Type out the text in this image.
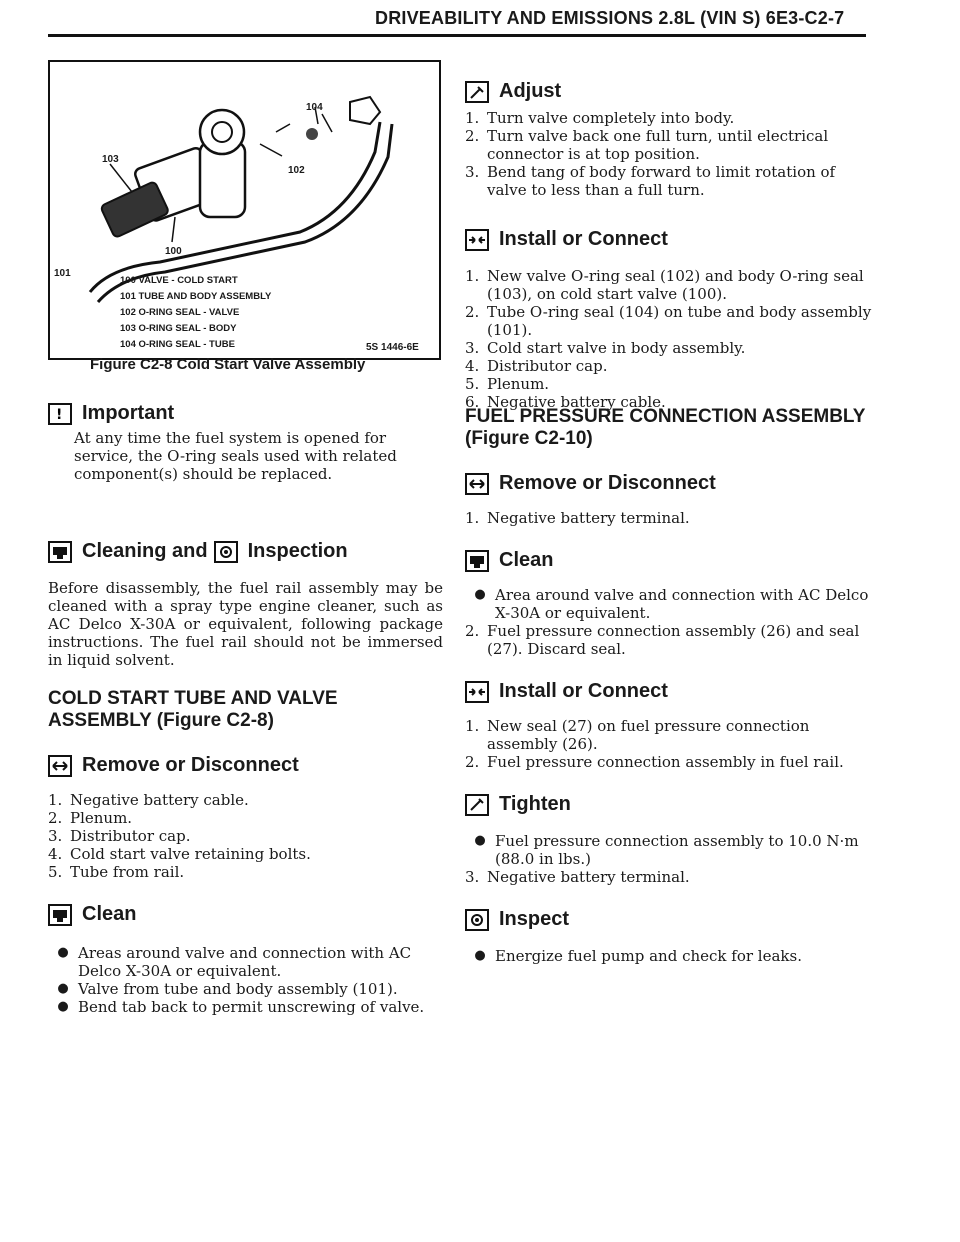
DRIVEABILITY AND EMISSIONS 2.8L (VIN S) 6E3-C2-7
104
103
102
100
101
100 VALVE - COLD START
101 TUBE AND BODY ASSEMBLY
102 O-RING SEAL - VALVE
103 O-RING SEAL - BODY
104 O-RING SEAL - TUBE	5S 1446-6E
Figure C2-8 Cold Start Valve Assembly
! Important

At any time the fuel system is opened for service, the O-ring seals used with related component(s) should be replaced.

Cleaning and Inspection

Before disassembly, the fuel rail assembly may be cleaned with a spray type engine cleaner, such as AC Delco X-30A or equivalent, following package instructions. The fuel rail should not be immersed in liquid solvent.

COLD START TUBE AND VALVE ASSEMBLY (Figure C2-8)
Remove or Disconnect
1. Negative battery cable.
2. Plenum.
3. Distributor cap.
4. Cold start valve retaining bolts.
5. Tube from rail.
Clean
● Areas around valve and connection with AC Delco X-30A or equivalent.
● Valve from tube and body assembly (101).
● Bend tab back to permit unscrewing of valve.
Adjust
1. Turn valve completely into body.
2. Turn valve back one full turn, until electrical connector is at top position.
3. Bend tang of body forward to limit rotation of valve to less than a full turn.
Install or Connect
1. New valve O-ring seal (102) and body O-ring seal (103), on cold start valve (100).
2. Tube O-ring seal (104) on tube and body assembly (101).
3. Cold start valve in body assembly.
4. Distributor cap.
5. Plenum.
6. Negative battery cable.
FUEL PRESSURE CONNECTION ASSEMBLY (Figure C2-10)
Remove or Disconnect
1. Negative battery terminal.
Clean
● Area around valve and connection with AC Delco X-30A or equivalent.
2. Fuel pressure connection assembly (26) and seal (27). Discard seal.
Install or Connect
1. New seal (27) on fuel pressure connection assembly (26).
2. Fuel pressure connection assembly in fuel rail.
Tighten
● Fuel pressure connection assembly to 10.0 N·m (88.0 in lbs.)
3. Negative battery terminal.
Inspect
● Energize fuel pump and check for leaks.
